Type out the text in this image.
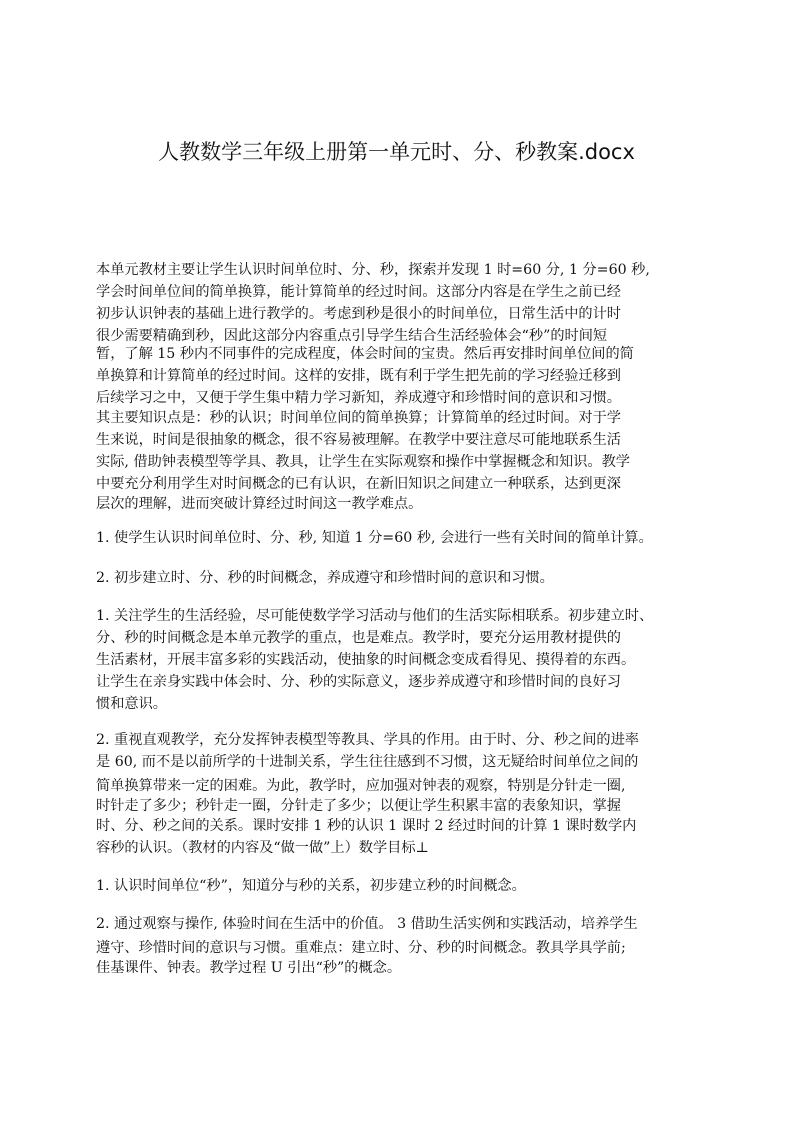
人教数学三年级上册第一单元时、分、秒教案.docx

本单元教材主要让学生认识时间单位时、分、秒，探索并发现 1 时=60 分, 1 分=60 秒,

学会时间单位间的简单换算，能计算简单的经过时间。这部分内容是在学生之前已经

初步认识钟表的基础上进行教学的。考虑到秒是很小的时间单位，日常生活中的计时

很少需要精确到秒，因此这部分内容重点引导学生结合生活经验体会“秒”的时间短

暂，了解 15 秒内不同事件的完成程度，体会时间的宝贵。然后再安排时间单位间的简

单换算和计算简单的经过时间。这样的安排，既有利于学生把先前的学习经验迁移到

后续学习之中，又便于学生集中精力学习新知，养成遵守和珍惜时间的意识和习惯。

其主要知识点是：秒的认识；时间单位间的简单换算；计算简单的经过时间。对于学

生来说，时间是很抽象的概念，很不容易被理解。在教学中要注意尽可能地联系生活

实际, 借助钟表模型等学具、教具，让学生在实际观察和操作中掌握概念和知识。教学

中要充分利用学生对时间概念的已有认识，在新旧知识之间建立一种联系，达到更深

层次的理解，进而突破计算经过时间这一教学难点。

1. 使学生认识时间单位时、分、秒, 知道 1 分=60 秒, 会进行一些有关时间的简单计算。

2. 初步建立时、分、秒的时间概念，养成遵守和珍惜时间的意识和习惯。

1. 关注学生的生活经验，尽可能使数学学习活动与他们的生活实际相联系。初步建立时、

分、秒的时间概念是本单元教学的重点，也是难点。教学时，要充分运用教材提供的

生活素材，开展丰富多彩的实践活动，使抽象的时间概念变成看得见、摸得着的东西。

让学生在亲身实践中体会时、分、秒的实际意义，逐步养成遵守和珍惜时间的良好习

惯和意识。

2. 重视直观教学，充分发挥钟表模型等教具、学具的作用。由于时、分、秒之间的进率

是 60, 而不是以前所学的十进制关系，学生往往感到不习惯，这无疑给时间单位之间的

简单换算带来一定的困难。为此，教学时，应加强对钟表的观察，特别是分针走一圈,

时针走了多少；秒针走一圈，分针走了多少；以便让学生积累丰富的表象知识，掌握

时、分、秒之间的关系。课时安排 1 秒的认识 1 课时 2 经过时间的计算 1 课时数学内

容秒的认识。（教材的内容及“做一做”上）数学目标⊥

1. 认识时间单位“秒”，知道分与秒的关系，初步建立秒的时间概念。

2. 通过观察与操作, 体验时间在生活中的价值。 3 借助生活实例和实践活动，培养学生

遵守、珍惜时间的意识与习惯。重难点：建立时、分、秒的时间概念。教具学具学前;

佳基课件、钟表。教学过程 U 引出“秒”的概念。
